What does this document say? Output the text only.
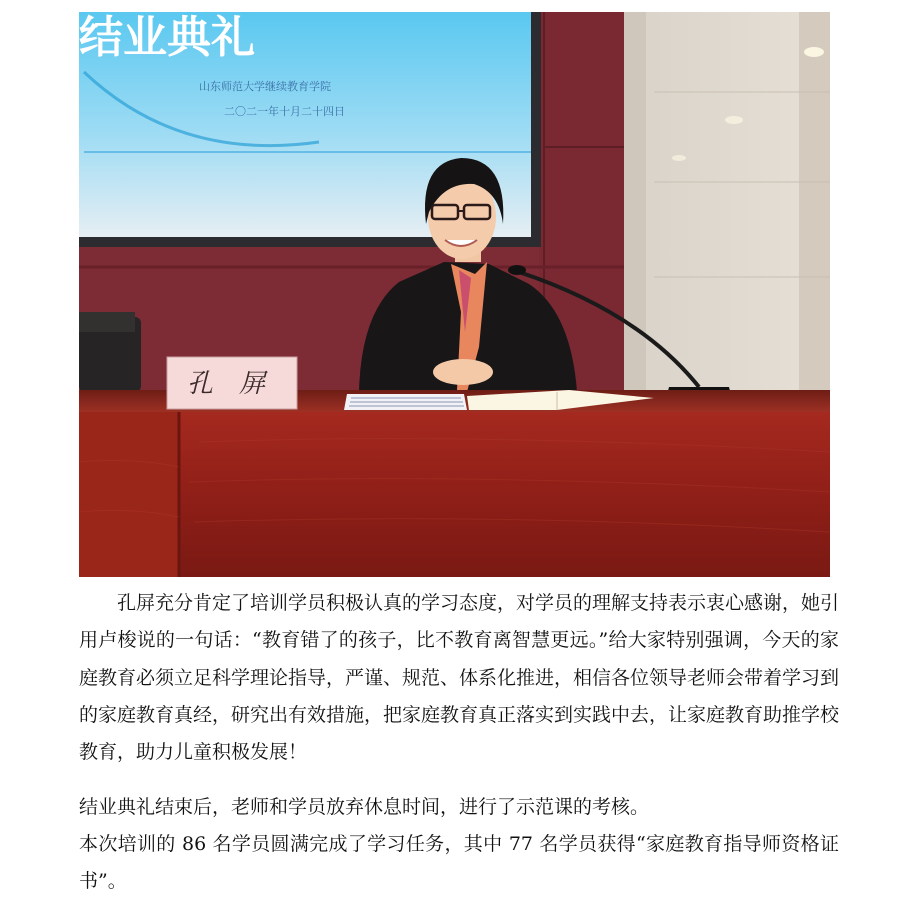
结业典礼
山东师范大学继续教育学院
二〇二一年十月二十四日
孔　屏
孔屏充分肯定了培训学员积极认真的学习态度，对学员的理解支持表示衷心感谢，她引用卢梭说的一句话：“教育错了的孩子，比不教育离智慧更远。”给大家特别强调，今天的家庭教育必须立足科学理论指导，严谨、规范、体系化推进，相信各位领导老师会带着学习到的家庭教育真经，研究出有效措施，把家庭教育真正落实到实践中去，让家庭教育助推学校教育，助力儿童积极发展！
结业典礼结束后，老师和学员放弃休息时间，进行了示范课的考核。
本次培训的 86 名学员圆满完成了学习任务，其中 77 名学员获得“家庭教育指导师资格证书”。
